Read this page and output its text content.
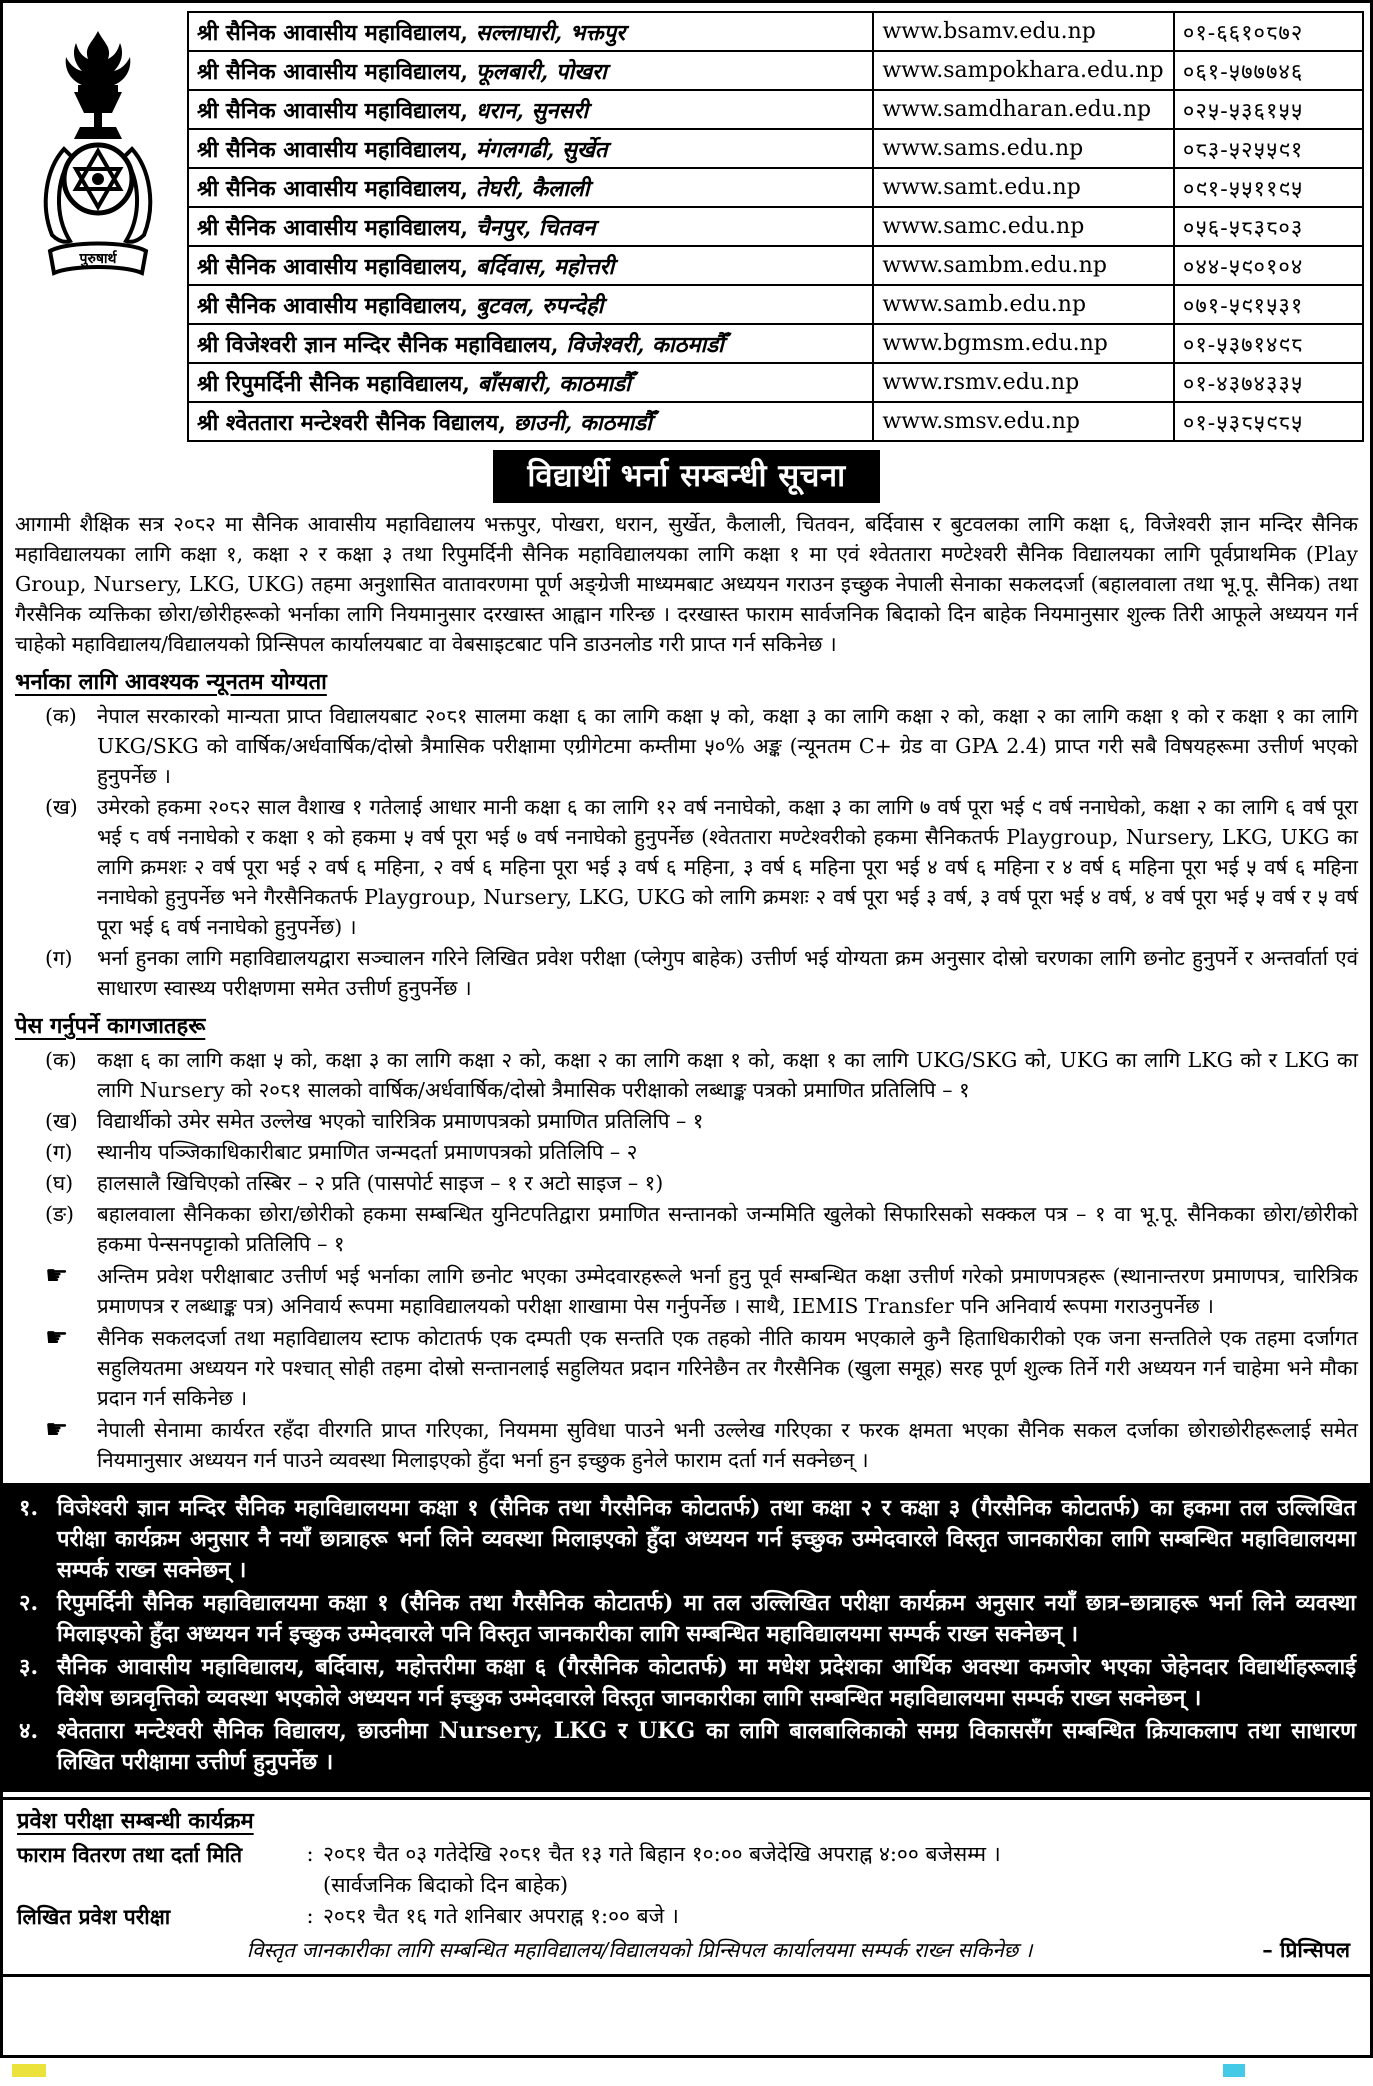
पुरुषार्थ
श्री सैनिक आवासीय महाविद्यालय, सल्लाघारी, भक्तपुर	www.bsamv.edu.np	०१-६६१०८७२
श्री सैनिक आवासीय महाविद्यालय, फूलबारी, पोखरा	www.sampokhara.edu.np	०६१-५७७७४६
श्री सैनिक आवासीय महाविद्यालय, धरान, सुनसरी	www.samdharan.edu.np	०२५-५३६१५५
श्री सैनिक आवासीय महाविद्यालय, मंगलगढी, सुर्खेत	www.sams.edu.np	०८३-५२५५९१
श्री सैनिक आवासीय महाविद्यालय, तेघरी, कैलाली	www.samt.edu.np	०९१-५५११९५
श्री सैनिक आवासीय महाविद्यालय, चैनपुर, चितवन	www.samc.edu.np	०५६-५८३८०३
श्री सैनिक आवासीय महाविद्यालय, बर्दिवास, महोत्तरी	www.sambm.edu.np	०४४-५९०१०४
श्री सैनिक आवासीय महाविद्यालय, बुटवल, रुपन्देही	www.samb.edu.np	०७१-५९१५३१
श्री विजेश्वरी ज्ञान मन्दिर सैनिक महाविद्यालय, विजेश्वरी, काठमाडौँ	www.bgmsm.edu.np	०१-५३७१४९८
श्री रिपुमर्दिनी सैनिक महाविद्यालय, बाँसबारी, काठमाडौँ	www.rsmv.edu.np	०१-४३७४३३५
श्री श्वेततारा मन्टेश्वरी सैनिक विद्यालय, छाउनी, काठमाडौँ	www.smsv.edu.np	०१-५३८५९८५
विद्यार्थी भर्ना सम्बन्धी सूचना

आगामी शैक्षिक सत्र २०८२ मा सैनिक आवासीय महाविद्यालय भक्तपुर, पोखरा, धरान, सुर्खेत, कैलाली, चितवन, बर्दिवास र बुटवलका लागि कक्षा ६, विजेश्वरी ज्ञान मन्दिर सैनिक महाविद्यालयका लागि कक्षा १, कक्षा २ र कक्षा ३ तथा रिपुमर्दिनी सैनिक महाविद्यालयका लागि कक्षा १ मा एवं श्वेततारा मण्टेश्वरी सैनिक विद्यालयका लागि पूर्वप्राथमिक (Play Group, Nursery, LKG, UKG) तहमा अनुशासित वातावरणमा पूर्ण अङ्ग्रेजी माध्यमबाट अध्ययन गराउन इच्छुक नेपाली सेनाका सकलदर्जा (बहालवाला तथा भू.पू. सैनिक) तथा गैरसैनिक व्यक्तिका छोरा/छोरीहरूको भर्नाका लागि नियमानुसार दरखास्त आह्वान गरिन्छ । दरखास्त फाराम सार्वजनिक बिदाको दिन बाहेक नियमानुसार शुल्क तिरी आफूले अध्ययन गर्न चाहेको महाविद्यालय/विद्यालयको प्रिन्सिपल कार्यालयबाट वा वेबसाइटबाट पनि डाउनलोड गरी प्राप्त गर्न सकिनेछ ।

भर्नाका लागि आवश्यक न्यूनतम योग्यता
(क) नेपाल सरकारको मान्यता प्राप्त विद्यालयबाट २०८१ सालमा कक्षा ६ का लागि कक्षा ५ को, कक्षा ३ का लागि कक्षा २ को, कक्षा २ का लागि कक्षा १ को र कक्षा १ का लागि UKG/SKG को वार्षिक/अर्धवार्षिक/दोस्रो त्रैमासिक परीक्षामा एग्रीगेटमा कम्तीमा ५०% अङ्क (न्यूनतम C+ ग्रेड वा GPA 2.4) प्राप्त गरी सबै विषयहरूमा उत्तीर्ण भएको हुनुपर्नेछ ।
(ख) उमेरको हकमा २०८२ साल वैशाख १ गतेलाई आधार मानी कक्षा ६ का लागि १२ वर्ष ननाघेको, कक्षा ३ का लागि ७ वर्ष पूरा भई ९ वर्ष ननाघेको, कक्षा २ का लागि ६ वर्ष पूरा भई ८ वर्ष ननाघेको र कक्षा १ को हकमा ५ वर्ष पूरा भई ७ वर्ष ननाघेको हुनुपर्नेछ (श्वेततारा मण्टेश्वरीको हकमा सैनिकतर्फ Playgroup, Nursery, LKG, UKG का लागि क्रमशः २ वर्ष पूरा भई २ वर्ष ६ महिना, २ वर्ष ६ महिना पूरा भई ३ वर्ष ६ महिना, ३ वर्ष ६ महिना पूरा भई ४ वर्ष ६ महिना र ४ वर्ष ६ महिना पूरा भई ५ वर्ष ६ महिना ननाघेको हुनुपर्नेछ भने गैरसैनिकतर्फ Playgroup, Nursery, LKG, UKG को लागि क्रमशः २ वर्ष पूरा भई ३ वर्ष, ३ वर्ष पूरा भई ४ वर्ष, ४ वर्ष पूरा भई ५ वर्ष र ५ वर्ष पूरा भई ६ वर्ष ननाघेको हुनुपर्नेछ) ।
(ग)	भर्ना हुनका लागि महाविद्यालयद्वारा सञ्चालन गरिने लिखित प्रवेश परीक्षा (प्लेगुप बाहेक) उत्तीर्ण भई योग्यता क्रम अनुसार दोस्रो चरणका लागि छनोट हुनुपर्ने र अन्तर्वार्ता एवं साधारण स्वास्थ्य परीक्षणमा समेत उत्तीर्ण हुनुपर्नेछ ।
पेस गर्नुपर्ने कागजातहरू
(क) कक्षा ६ का लागि कक्षा ५ को, कक्षा ३ का लागि कक्षा २ को, कक्षा २ का लागि कक्षा १ को, कक्षा १ का लागि UKG/SKG को, UKG का लागि LKG को र LKG का लागि Nursery को २०८१ सालको वार्षिक/अर्धवार्षिक/दोस्रो त्रैमासिक परीक्षाको लब्धाङ्क पत्रको प्रमाणित प्रतिलिपि – १
(ख) विद्यार्थीको उमेर समेत उल्लेख भएको चारित्रिक प्रमाणपत्रको प्रमाणित प्रतिलिपि – १
(ग)	स्थानीय पञ्जिकाधिकारीबाट प्रमाणित जन्मदर्ता प्रमाणपत्रको प्रतिलिपि – २
(घ)	हालसालै खिचिएको तस्बिर – २ प्रति (पासपोर्ट साइज – १ र अटो साइज – १)
(ङ)	बहालवाला सैनिकका छोरा/छोरीको हकमा सम्बन्धित युनिटपतिद्वारा प्रमाणित सन्तानको जन्ममिति खुलेको सिफारिसको सक्कल पत्र – १ वा भू.पू. सैनिकका छोरा/छोरीको हकमा पेन्सनपट्टाको प्रतिलिपि – १
☛	अन्तिम प्रवेश परीक्षाबाट उत्तीर्ण भई भर्नाका लागि छनोट भएका उम्मेदवारहरूले भर्ना हुनु पूर्व सम्बन्धित कक्षा उत्तीर्ण गरेको प्रमाणपत्रहरू (स्थानान्तरण प्रमाणपत्र, चारित्रिक प्रमाणपत्र र लब्धाङ्क पत्र) अनिवार्य रूपमा महाविद्यालयको परीक्षा शाखामा पेस गर्नुपर्नेछ । साथै, IEMIS Transfer पनि अनिवार्य रूपमा गराउनुपर्नेछ ।
☛	सैनिक सकलदर्जा तथा महाविद्यालय स्टाफ कोटातर्फ एक दम्पती एक सन्तति एक तहको नीति कायम भएकाले कुनै हिताधिकारीको एक जना सन्ततिले एक तहमा दर्जागत सहुलियतमा अध्ययन गरे पश्चात् सोही तहमा दोस्रो सन्तानलाई सहुलियत प्रदान गरिनेछैन तर गैरसैनिक (खुला समूह) सरह पूर्ण शुल्क तिर्ने गरी अध्ययन गर्न चाहेमा भने मौका प्रदान गर्न सकिनेछ ।
☛	नेपाली सेनामा कार्यरत रहँदा वीरगति प्राप्त गरिएका, नियममा सुविधा पाउने भनी उल्लेख गरिएका र फरक क्षमता भएका सैनिक सकल दर्जाका छोराछोरीहरूलाई समेत नियमानुसार अध्ययन गर्न पाउने व्यवस्था मिलाइएको हुँदा भर्ना हुन इच्छुक हुनेले फाराम दर्ता गर्न सक्नेछन् ।
१. विजेश्वरी ज्ञान मन्दिर सैनिक महाविद्यालयमा कक्षा १ (सैनिक तथा गैरसैनिक कोटातर्फ) तथा कक्षा २ र कक्षा ३ (गैरसैनिक कोटातर्फ) का हकमा तल उल्लिखित परीक्षा कार्यक्रम अनुसार नै नयाँ छात्राहरू भर्ना लिने व्यवस्था मिलाइएको हुँदा अध्ययन गर्न इच्छुक उम्मेदवारले विस्तृत जानकारीका लागि सम्बन्धित महाविद्यालयमा सम्पर्क राख्न सक्नेछन् ।
२. रिपुमर्दिनी सैनिक महाविद्यालयमा कक्षा १ (सैनिक तथा गैरसैनिक कोटातर्फ) मा तल उल्लिखित परीक्षा कार्यक्रम अनुसार नयाँ छात्र–छात्राहरू भर्ना लिने व्यवस्था मिलाइएको हुँदा अध्ययन गर्न इच्छुक उम्मेदवारले पनि विस्तृत जानकारीका लागि सम्बन्धित महाविद्यालयमा सम्पर्क राख्न सक्नेछन् ।
३. सैनिक आवासीय महाविद्यालय, बर्दिवास, महोत्तरीमा कक्षा ६ (गैरसैनिक कोटातर्फ) मा मधेश प्रदेशका आर्थिक अवस्था कमजोर भएका जेहेनदार विद्यार्थीहरूलाई विशेष छात्रवृत्तिको व्यवस्था भएकोले अध्ययन गर्न इच्छुक उम्मेदवारले विस्तृत जानकारीका लागि सम्बन्धित महाविद्यालयमा सम्पर्क राख्न सक्नेछन् ।
४. श्वेततारा मन्टेश्वरी सैनिक विद्यालय, छाउनीमा Nursery, LKG र UKG का लागि बालबालिकाको समग्र विकाससँग सम्बन्धित क्रियाकलाप तथा साधारण लिखित परीक्षामा उत्तीर्ण हुनुपर्नेछ ।
प्रवेश परीक्षा सम्बन्धी कार्यक्रम
फाराम वितरण तथा दर्ता मिति	: २०८१ चैत ०३ गतेदेखि २०८१ चैत १३ गते बिहान १०:०० बजेदेखि अपराह्न ४:०० बजेसम्म ।
(सार्वजनिक बिदाको दिन बाहेक)
लिखित प्रवेश परीक्षा	: २०८१ चैत १६ गते शनिबार अपराह्न १:०० बजे ।
विस्तृत जानकारीका लागि सम्बन्धित महाविद्यालय/विद्यालयको प्रिन्सिपल कार्यालयमा सम्पर्क राख्न सकिनेछ ।	– प्रिन्सिपल
